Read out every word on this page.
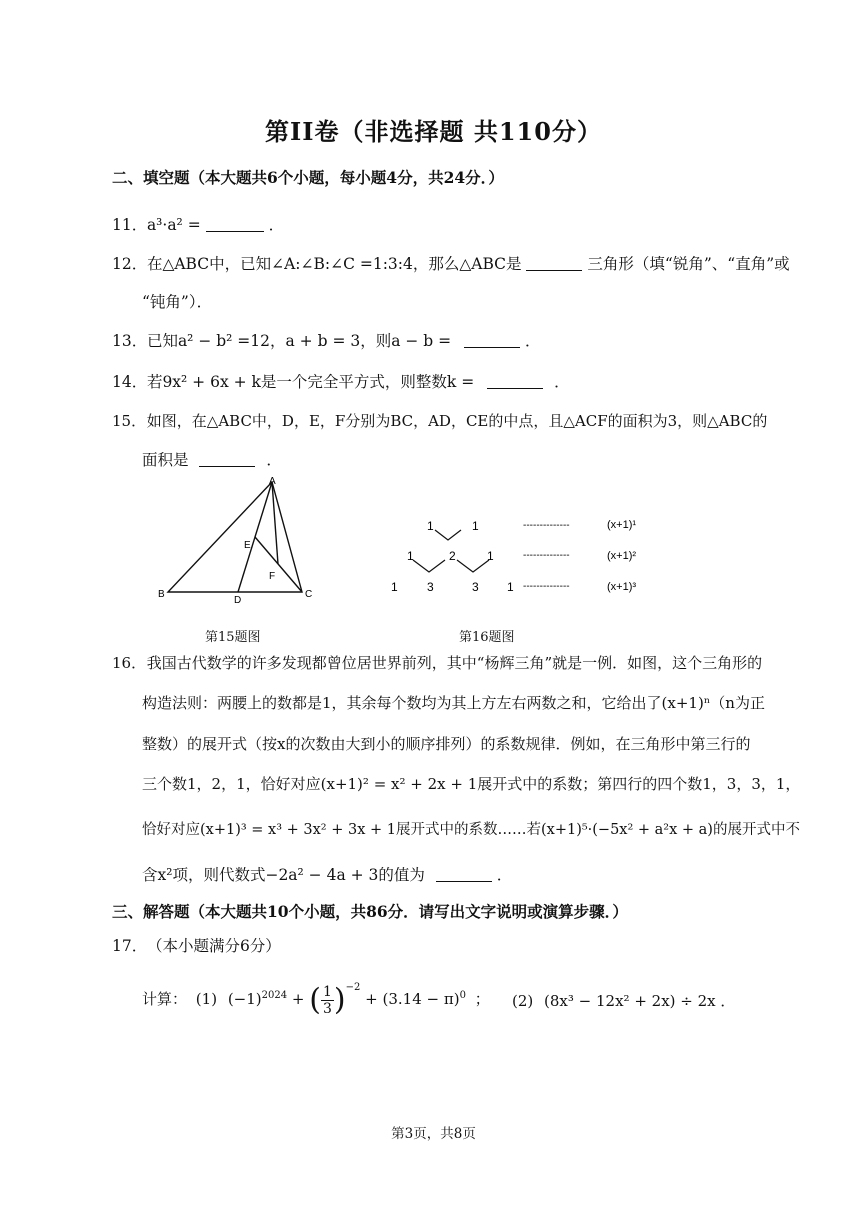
第II卷（非选择题 共110分）
二、填空题（本大题共6个小题，每小题4分，共24分．）
11． a³·a² =	．
12． 在△ABC中，已知∠A:∠B:∠C =1:3:4，那么△ABC是	三角形（填“锐角”、“直角”或
“钝角”）．
13． 已知a² − b² =12，a + b = 3，则a − b =	．
14． 若9x² + 6x + k是一个完全平方式，则整数k =	．
15． 如图，在△ABC中，D，E，F分别为BC，AD，CE的中点，且△ACF的面积为3，则△ABC的
面积是	．
A
B	C
D
E
F
第15题图
1	1
1	2	1
1 3	3 1
--------------
--------------
--------------
(x+1)¹
(x+1)²
(x+1)³
第16题图
16． 我国古代数学的许多发现都曾位居世界前列，其中“杨辉三角”就是一例．如图，这个三角形的
构造法则：两腰上的数都是1，其余每个数均为其上方左右两数之和，它给出了(x+1)ⁿ（n为正
整数）的展开式（按x的次数由大到小的顺序排列）的系数规律．例如，在三角形中第三行的
三个数1，2，1，恰好对应(x+1)² = x² + 2x + 1展开式中的系数；第四行的四个数1，3，3，1，
恰好对应(x+1)³ = x³ + 3x² + 3x + 1展开式中的系数……若(x+1)⁵·(−5x² + a²x + a)的展开式中不
含x²项，则代数式−2a² − 4a + 3的值为	．
三、解答题（本大题共10个小题，共86分．请写出文字说明或演算步骤．）
17． （本小题满分6分）
计算： (1) $(-1)^{2024}$ + ( $\frac{1}{3} )^{-2} + (3.14 - \pi)^0$ ； (2) (8x³ − 12x² + 2x) ÷ 2x ．
第3页，共8页
